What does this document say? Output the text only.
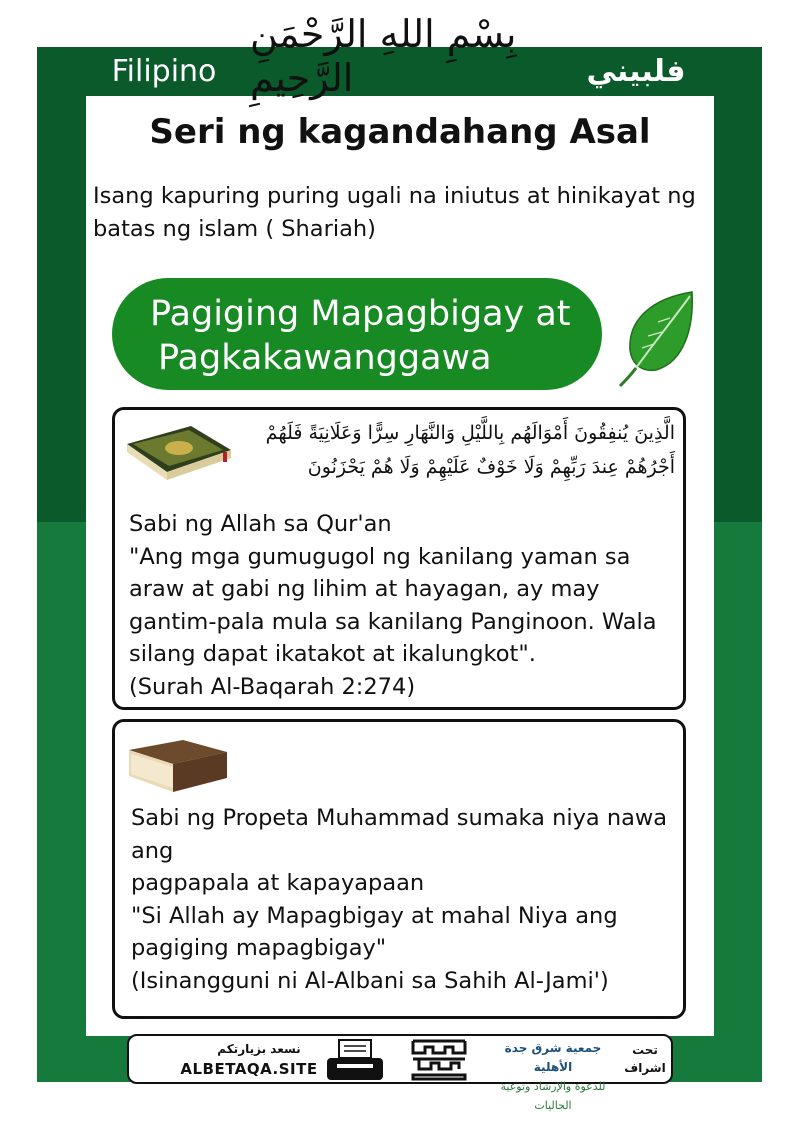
Filipino	فلبيني
بِسْمِ اللهِ الرَّحْمَنِ الرَّحِيمِ
Seri ng kagandahang Asal
Isang kapuring puring ugali na iniutus at hinikayat ng batas ng islam ( Shariah)
Pagiging Mapagbigay at
Pagkakawanggawa
الَّذِينَ يُنفِقُونَ أَمْوَالَهُم بِاللَّيْلِ وَالنَّهَارِ سِرًّا وَعَلَانِيَةً فَلَهُمْ أَجْرُهُمْ عِندَ رَبِّهِمْ وَلَا خَوْفٌ عَلَيْهِمْ وَلَا هُمْ يَحْزَنُونَ
Sabi ng Allah sa Qur'an
"Ang mga gumugugol ng kanilang yaman sa araw at gabi ng lihim at hayagan, ay may gantim-pala mula sa kanilang Panginoon. Wala silang dapat ikatakot at ikalungkot".
(Surah Al-Baqarah 2:274)
Sabi ng Propeta Muhammad sumaka niya nawa ang
pagpapala at kapayapaan
"Si Allah ay Mapagbigay at mahal Niya ang pagiging mapagbigay"
(Isinangguni ni Al-Albani sa Sahih Al-Jami')
نسعد بزيارتكم
ALBETAQA.SITE
جمعية شرق جدة الأهلية
للدعوة والإرشاد وتوعية الجاليات
تحت
اشراف
